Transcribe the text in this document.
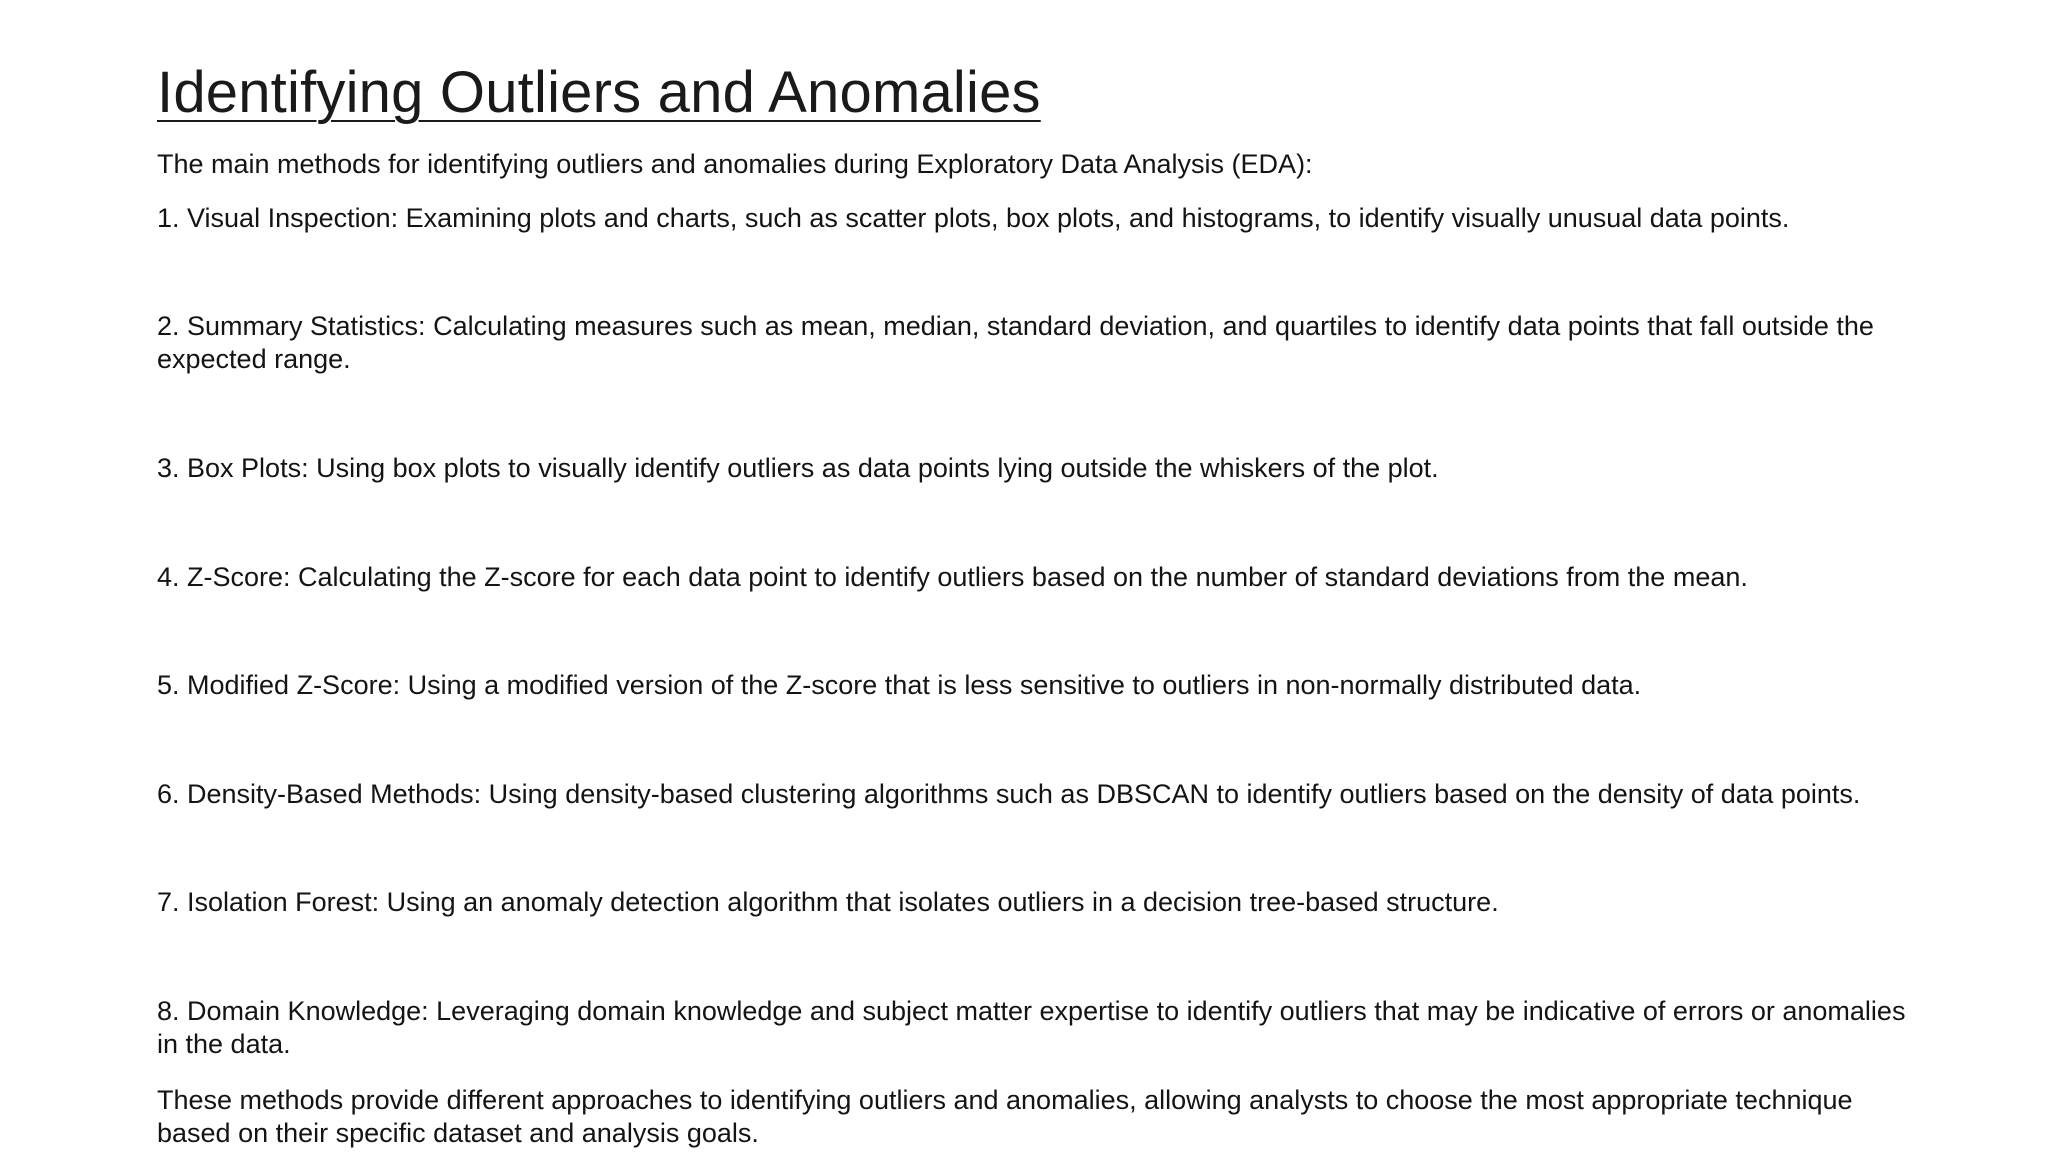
Identifying Outliers and Anomalies

The main methods for identifying outliers and anomalies during Exploratory Data Analysis (EDA):

1. Visual Inspection: Examining plots and charts, such as scatter plots, box plots, and histograms, to identify visually unusual data points.

2. Summary Statistics: Calculating measures such as mean, median, standard deviation, and quartiles to identify data points that fall outside the expected range.

3. Box Plots: Using box plots to visually identify outliers as data points lying outside the whiskers of the plot.

4. Z-Score: Calculating the Z-score for each data point to identify outliers based on the number of standard deviations from the mean.

5. Modified Z-Score: Using a modified version of the Z-score that is less sensitive to outliers in non-normally distributed data.

6. Density-Based Methods: Using density-based clustering algorithms such as DBSCAN to identify outliers based on the density of data points.

7. Isolation Forest: Using an anomaly detection algorithm that isolates outliers in a decision tree-based structure.

8. Domain Knowledge: Leveraging domain knowledge and subject matter expertise to identify outliers that may be indicative of errors or anomalies in the data.

These methods provide different approaches to identifying outliers and anomalies, allowing analysts to choose the most appropriate technique based on their specific dataset and analysis goals.
